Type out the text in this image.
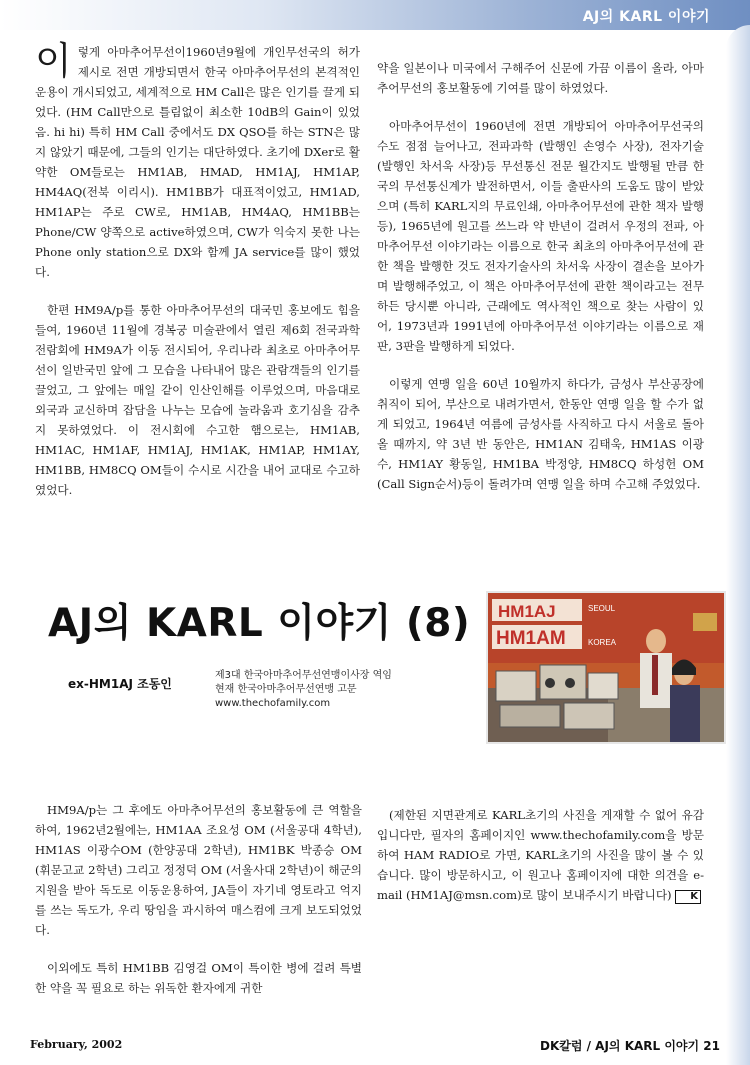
AJ의 KARL 이야기

이렇게 아마추어무선이1960년9월에 개인무선국의 허가제시로 전면 개방되면서 한국 아마추어무선의 본격적인 운용이 개시되었고, 세계적으로 HM Call은 많은 인기를 끌게 되었다. (HM Call만으로 틀림없이 최소한 10dB의 Gain이 있었음. hi hi) 특히 HM Call 중에서도 DX QSO를 하는 STN은 많지 않았기 때문에, 그들의 인기는 대단하였다. 초기에 DXer로 활약한 OM들로는 HM1AB, HMAD, HM1AJ, HM1AP, HM4AQ(전북 이리시). HM1BB가 대표적이었고, HM1AD, HM1AP는 주로 CW로, HM1AB, HM4AQ, HM1BB는 Phone/CW 양쪽으로 active하였으며, CW가 익숙지 못한 나는 Phone only station으로 DX와 함께 JA service를 많이 했었다.

한편 HM9A/p를 통한 아마추어무선의 대국민 홍보에도 힘을 들여, 1960년 11월에 경복궁 미술관에서 열린 제6회 전국과학전람회에 HM9A가 이동 전시되어, 우리나라 최초로 아마추어무선이 일반국민 앞에 그 모습을 나타내어 많은 관람객들의 인기를 끌었고, 그 앞에는 매일 같이 인산인해를 이루었으며, 마음대로 외국과 교신하며 잡담을 나누는 모습에 놀라움과 호기심을 감추지 못하였었다. 이 전시회에 수고한 햄으로는, HM1AB, HM1AC, HM1AF, HM1AJ, HM1AK, HM1AP, HM1AY, HM1BB, HM8CQ OM들이 수시로 시간을 내어 교대로 수고하였었다.

약을 일본이나 미국에서 구해주어 신문에 가끔 이름이 올라, 아마추어무선의 홍보활동에 기여를 많이 하였었다.

아마추어무선이 1960년에 전면 개방되어 아마추어무선국의 수도 점점 늘어나고, 전파과학 (발행인 손영수 사장), 전자기술 (발행인 차서욱 사장)등 무선통신 전문 월간지도 발행될 만큼 한국의 무선통신계가 발전하면서, 이들 출판사의 도움도 많이 받았으며 (특히 KARL지의 무료인쇄, 아마추어무선에 관한 책자 발행등), 1965년에 원고를 쓰느라 약 반년이 걸려서 우정의 전파, 아마추어무선 이야기라는 이름으로 한국 최초의 아마추어무선에 관한 책을 발행한 것도 전자기술사의 차서욱 사장이 결손을 보아가며 발행해주었고, 이 책은 아마추어무선에 관한 책이라고는 전무하든 당시뿐 아니라, 근래에도 역사적인 책으로 찾는 사람이 있어, 1973년과 1991년에 아마추어무선 이야기라는 이름으로 재판, 3판을 발행하게 되었다.

이렇게 연맹 일을 60년 10월까지 하다가, 금성사 부산공장에 취직이 되어, 부산으로 내려가면서, 한동안 연맹 일을 할 수가 없게 되었고, 1964년 여름에 금성사를 사직하고 다시 서울로 돌아올 때까지, 약 3년 반 동안은, HM1AN 김태욱, HM1AS 이광수, HM1AY 황동일, HM1BA 박정양, HM8CQ 하성헌 OM (Call Sign순서)등이 돌려가며 연맹 일을 하며 수고해 주었었다.

AJ의 KARL 이야기 (8)
ex-HM1AJ 조동인
제3대 한국아마추어무선연맹이사장 역임
현재 한국아마추어무선연맹 고문
www.thechofamily.com
HM1AJ
HM1AM	KOREA
SEOUL

HM9A/p는 그 후에도 아마추어무선의 홍보활동에 큰 역할을 하여, 1962년2월에는, HM1AA 조요성 OM (서울공대 4학년), HM1AS 이광수OM (한양공대 2학년), HM1BK 박종승 OM (휘문고교 2학년) 그리고 정정덕 OM (서울사대 2학년)이 해군의 지원을 받아 독도로 이동운용하여, JA들이 자기네 영토라고 억지를 쓰는 독도가, 우리 땅임을 과시하여 매스컴에 크게 보도되었었다.

이외에도 특히 HM1BB 김영걸 OM이 특이한 병에 걸려 특별한 약을 꼭 필요로 하는 위독한 환자에게 귀한

(제한된 지면관계로 KARL초기의 사진을 게재할 수 없어 유감입니다만, 필자의 홈페이지인 www.thechofamily.com을 방문하여 HAM RADIO로 가면, KARL초기의 사진을 많이 볼 수 있습니다. 많이 방문하시고, 이 원고나 홈페이지에 대한 의견을 e-mail (HM1AJ@msn.com)로 많이 보내주시기 바랍니다) K

February, 2002	DK칼럼 / AJ의 KARL 이야기 21
